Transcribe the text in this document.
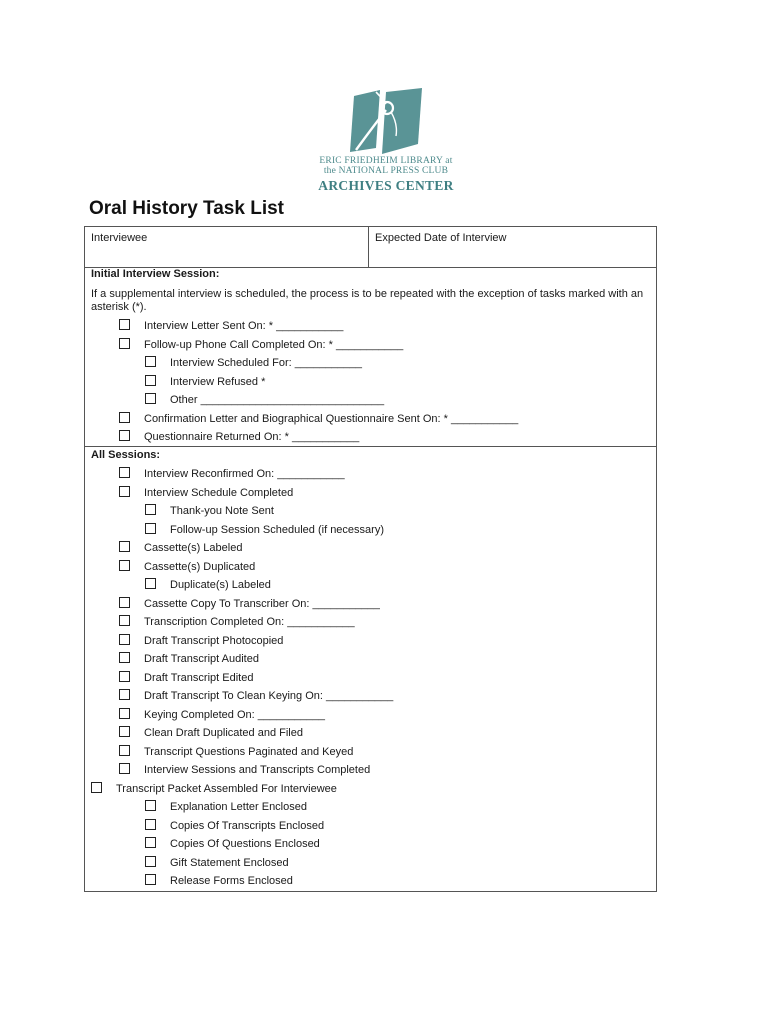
ERIC FRIEDHEIM LIBRARY at
the NATIONAL PRESS CLUB
ARCHIVES CENTER
Oral History Task List
Interviewee	Expected Date of Interview
Initial Interview Session:
If a supplemental interview is scheduled, the process is to be repeated with the exception of tasks marked with an asterisk (*).
Interview Letter Sent On: * ___________
Follow-up Phone Call Completed On: * ___________
Interview Scheduled For: ___________
Interview Refused *
Other ______________________________
Confirmation Letter and Biographical Questionnaire Sent On: * ___________
Questionnaire Returned On: * ___________
All Sessions:
Interview Reconfirmed On: ___________
Interview Schedule Completed
Thank-you Note Sent
Follow-up Session Scheduled (if necessary)
Cassette(s) Labeled
Cassette(s) Duplicated
Duplicate(s) Labeled
Cassette Copy To Transcriber On: ___________
Transcription Completed On: ___________
Draft Transcript Photocopied
Draft Transcript Audited
Draft Transcript Edited
Draft Transcript To Clean Keying On: ___________
Keying Completed On: ___________
Clean Draft Duplicated and Filed
Transcript Questions Paginated and Keyed
Interview Sessions and Transcripts Completed
Transcript Packet Assembled For Interviewee
Explanation Letter Enclosed
Copies Of Transcripts Enclosed
Copies Of Questions Enclosed
Gift Statement Enclosed
Release Forms Enclosed
